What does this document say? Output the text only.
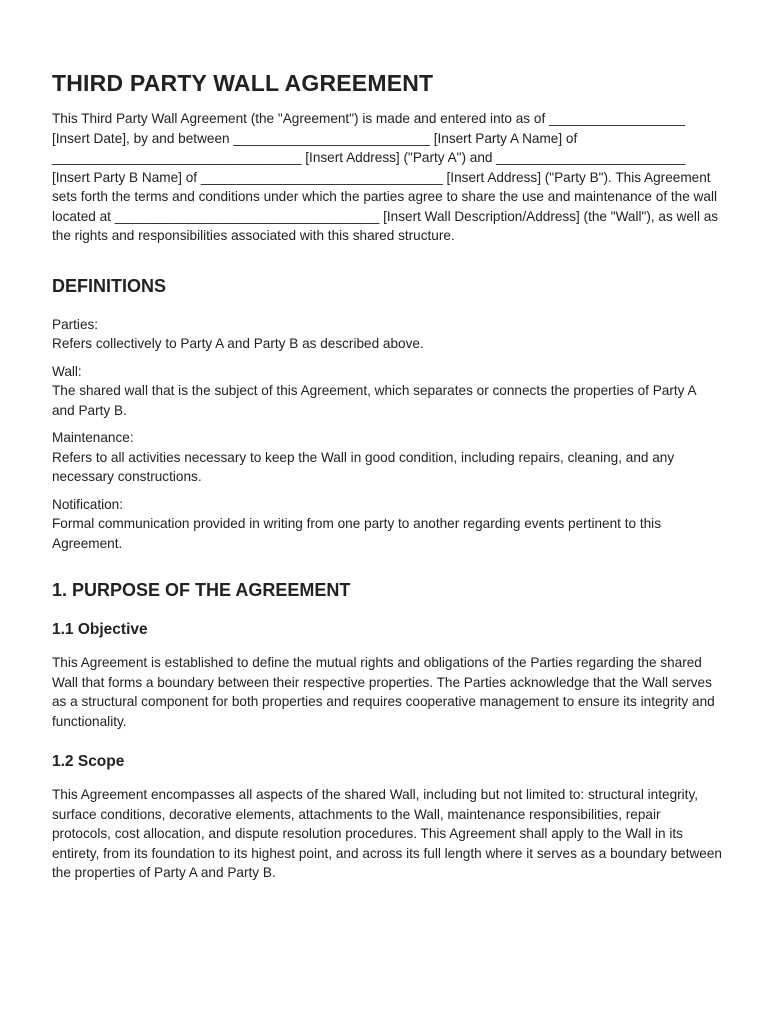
THIRD PARTY WALL AGREEMENT

This Third Party Wall Agreement (the "Agreement") is made and entered into as of __________________ [Insert Date], by and between __________________________ [Insert Party A Name] of _________________________________ [Insert Address] ("Party A") and _________________________ [Insert Party B Name] of ________________________________ [Insert Address] ("Party B"). This Agreement sets forth the terms and conditions under which the parties agree to share the use and maintenance of the wall located at ___________________________________ [Insert Wall Description/Address] (the "Wall"), as well as the rights and responsibilities associated with this shared structure.

DEFINITIONS

Parties:
Refers collectively to Party A and Party B as described above.

Wall:
The shared wall that is the subject of this Agreement, which separates or connects the properties of Party A and Party B.

Maintenance:
Refers to all activities necessary to keep the Wall in good condition, including repairs, cleaning, and any necessary constructions.

Notification:
Formal communication provided in writing from one party to another regarding events pertinent to this Agreement.

1. PURPOSE OF THE AGREEMENT
1.1 Objective

This Agreement is established to define the mutual rights and obligations of the Parties regarding the shared Wall that forms a boundary between their respective properties. The Parties acknowledge that the Wall serves as a structural component for both properties and requires cooperative management to ensure its integrity and functionality.

1.2 Scope

This Agreement encompasses all aspects of the shared Wall, including but not limited to: structural integrity, surface conditions, decorative elements, attachments to the Wall, maintenance responsibilities, repair protocols, cost allocation, and dispute resolution procedures. This Agreement shall apply to the Wall in its entirety, from its foundation to its highest point, and across its full length where it serves as a boundary between the properties of Party A and Party B.
